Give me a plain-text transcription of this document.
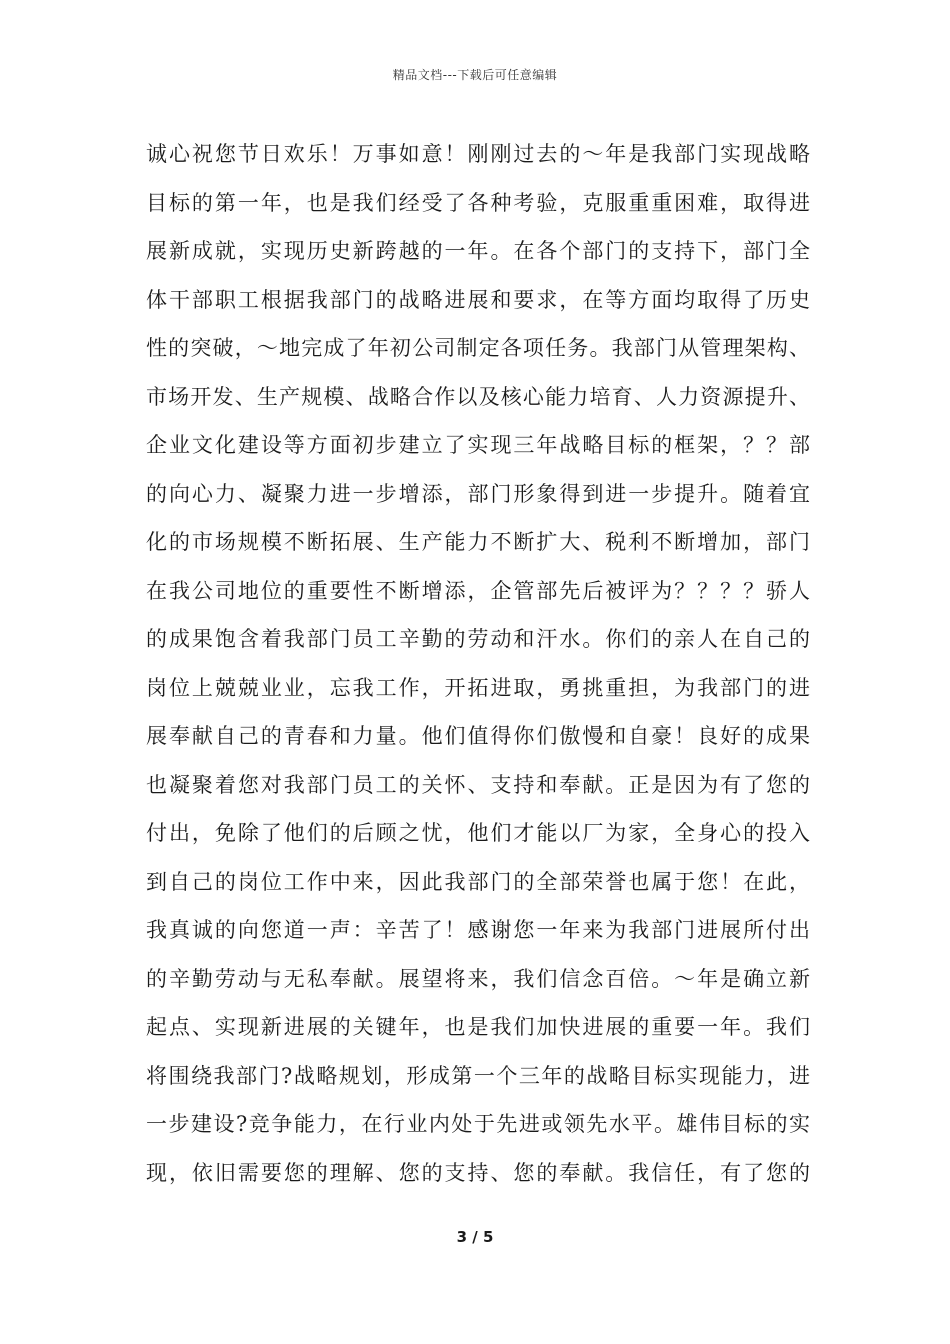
精品文档---下载后可任意编辑
诚心祝您节日欢乐！万事如意！刚刚过去的～年是我部门实现战略
目标的第一年，也是我们经受了各种考验，克服重重困难，取得进
展新成就，实现历史新跨越的一年。在各个部门的支持下，部门全
体干部职工根据我部门的战略进展和要求，在等方面均取得了历史
性的突破，～地完成了年初公司制定各项任务。我部门从管理架构、
市场开发、生产规模、战略合作以及核心能力培育、人力资源提升、
企业文化建设等方面初步建立了实现三年战略目标的框架，？？部
的向心力、凝聚力进一步增添，部门形象得到进一步提升。随着宜
化的市场规模不断拓展、生产能力不断扩大、税利不断增加，部门
在我公司地位的重要性不断增添，企管部先后被评为？？？？骄人
的成果饱含着我部门员工辛勤的劳动和汗水。你们的亲人在自己的
岗位上兢兢业业，忘我工作，开拓进取，勇挑重担，为我部门的进
展奉献自己的青春和力量。他们值得你们傲慢和自豪！良好的成果
也凝聚着您对我部门员工的关怀、支持和奉献。正是因为有了您的
付出，免除了他们的后顾之忧，他们才能以厂为家，全身心的投入
到自己的岗位工作中来，因此我部门的全部荣誉也属于您！在此，
我真诚的向您道一声：辛苦了！感谢您一年来为我部门进展所付出
的辛勤劳动与无私奉献。展望将来，我们信念百倍。～年是确立新
起点、实现新进展的关键年，也是我们加快进展的重要一年。我们
将围绕我部门?战略规划，形成第一个三年的战略目标实现能力，进
一步建设?竞争能力，在行业内处于先进或领先水平。雄伟目标的实
现，依旧需要您的理解、您的支持、您的奉献。我信任，有了您的
3 / 5
